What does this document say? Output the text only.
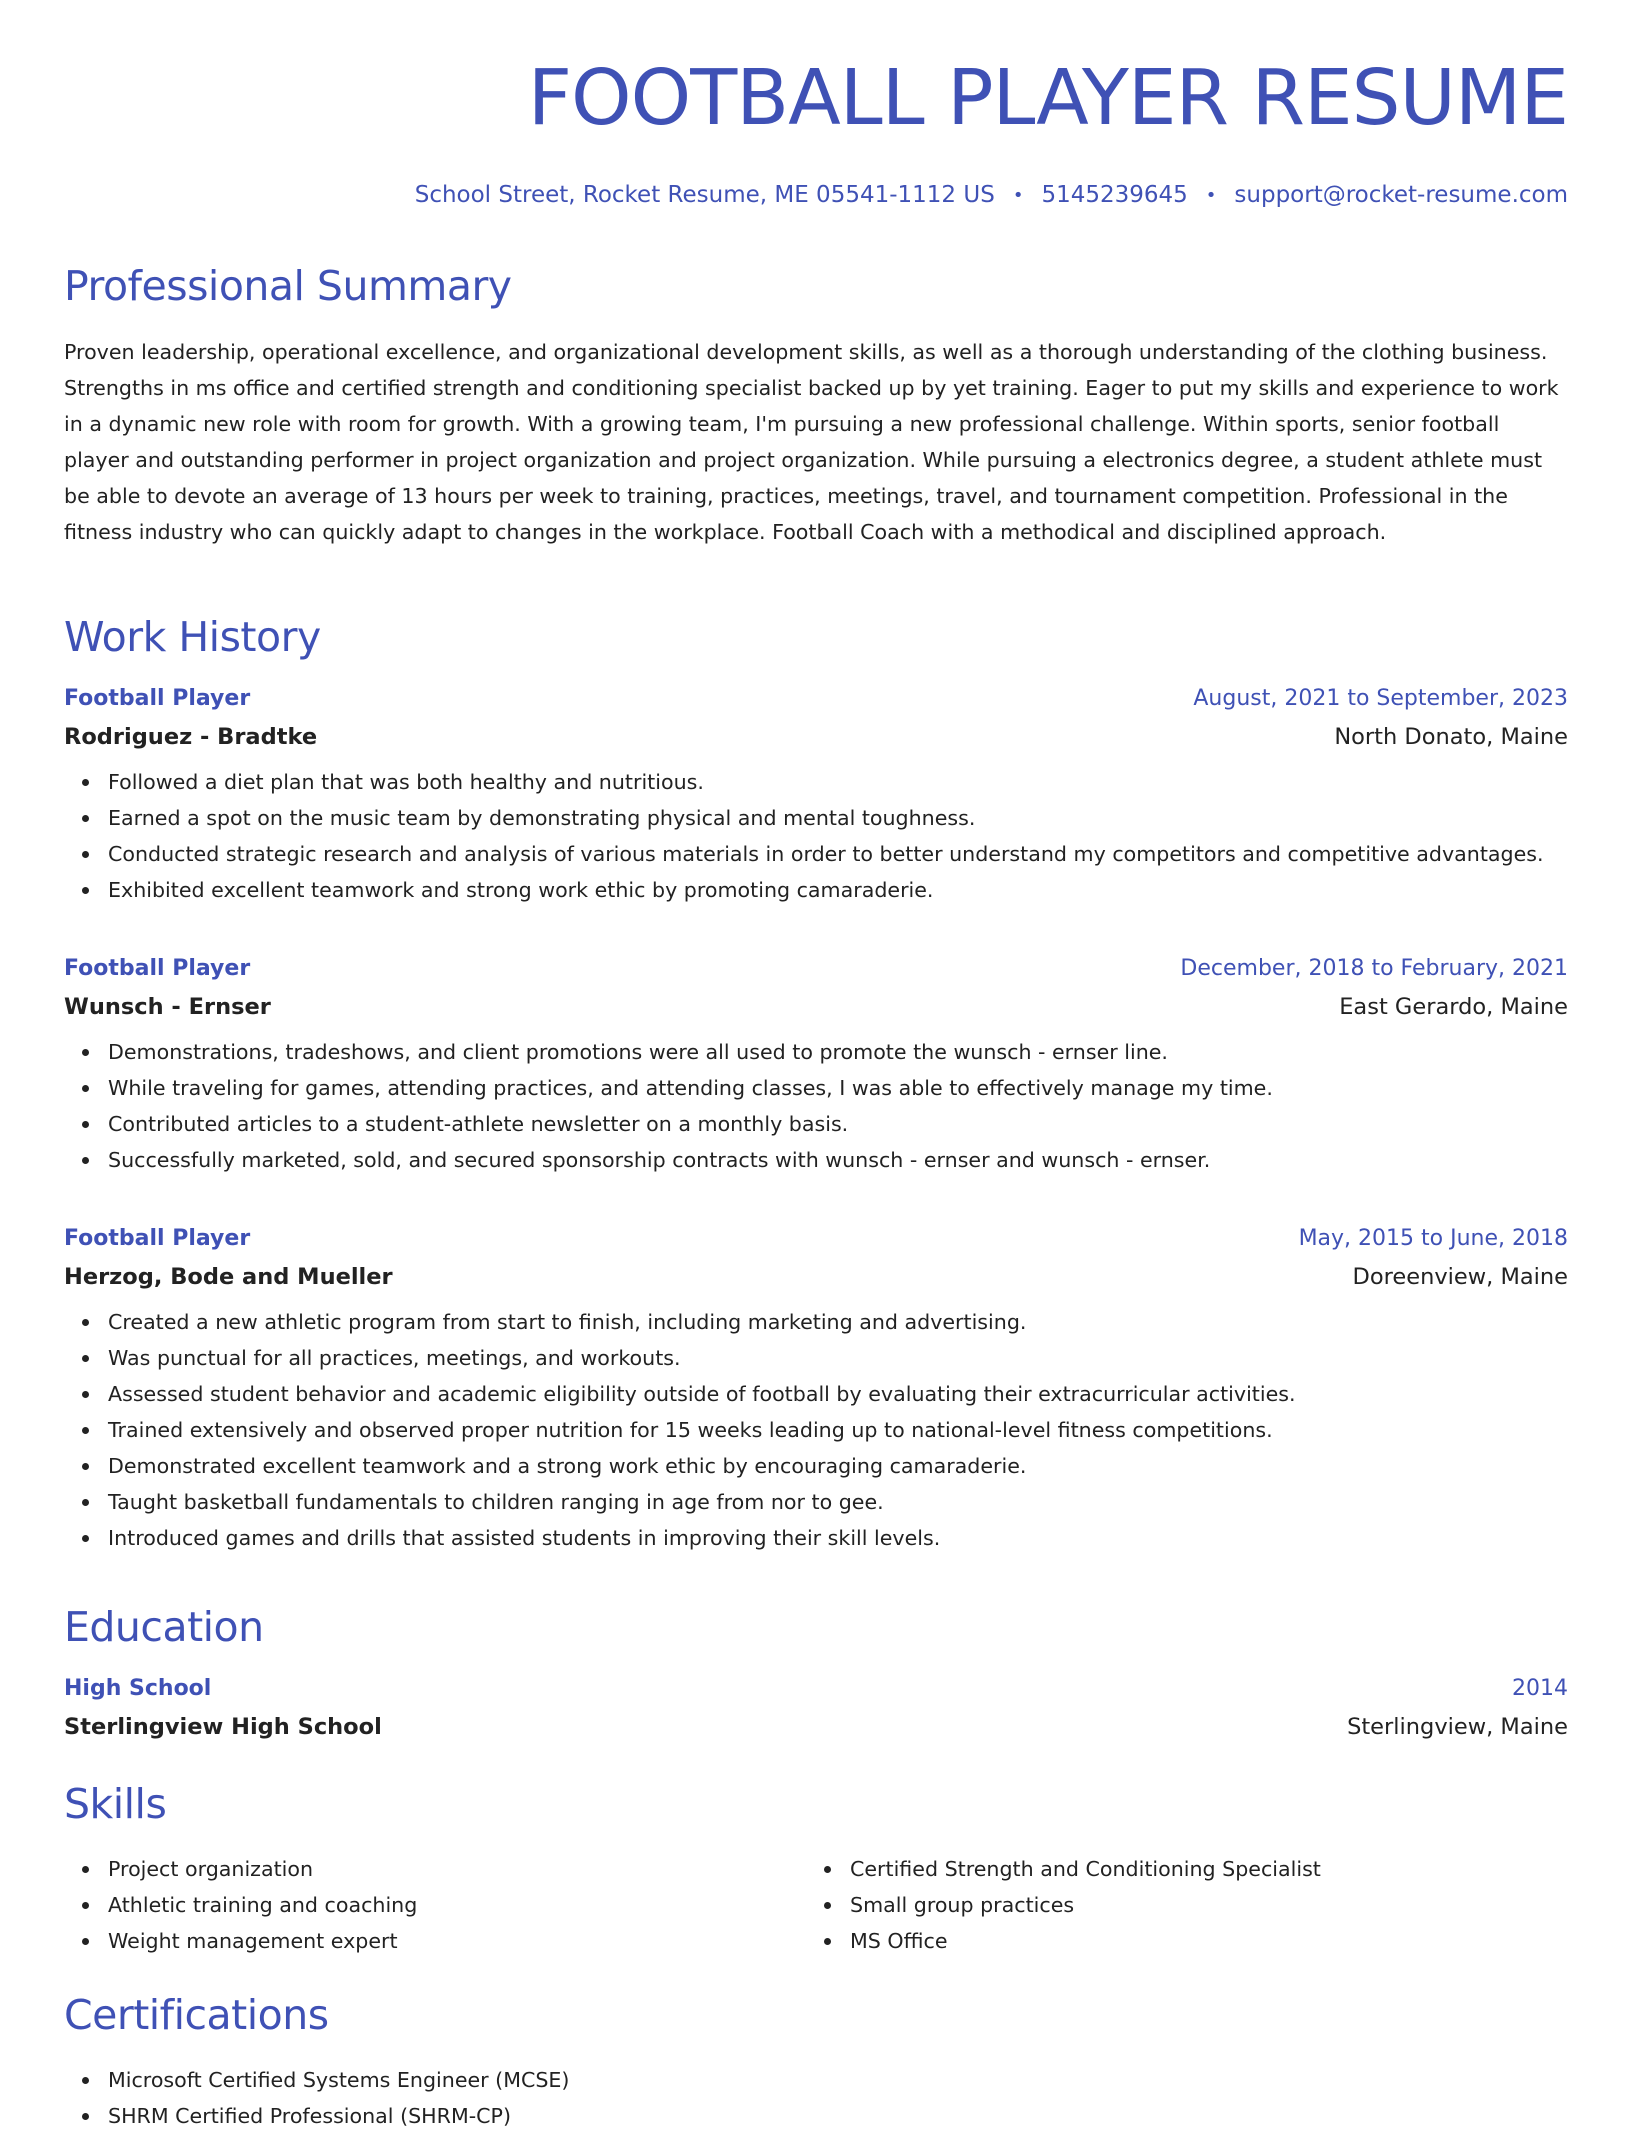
FOOTBALL PLAYER RESUME
School Street, Rocket Resume, ME 05541-1112 US • 5145239645 • support@rocket-resume.com
Professional Summary

Proven leadership, operational excellence, and organizational development skills, as well as a thorough understanding of the clothing business. Strengths in ms office and certified strength and conditioning specialist backed up by yet training. Eager to put my skills and experience to work in a dynamic new role with room for growth. With a growing team, I'm pursuing a new professional challenge. Within sports, senior football player and outstanding performer in project organization and project organization. While pursuing a electronics degree, a student athlete must be able to devote an average of 13 hours per week to training, practices, meetings, travel, and tournament competition. Professional in the fitness industry who can quickly adapt to changes in the workplace. Football Coach with a methodical and disciplined approach.

Work History
Football Player	August, 2021 to September, 2023
Rodriguez - Bradtke	North Donato, Maine
Followed a diet plan that was both healthy and nutritious.
Earned a spot on the music team by demonstrating physical and mental toughness.
Conducted strategic research and analysis of various materials in order to better understand my competitors and competitive advantages.
Exhibited excellent teamwork and strong work ethic by promoting camaraderie.
Football Player	December, 2018 to February, 2021
Wunsch - Ernser	East Gerardo, Maine
Demonstrations, tradeshows, and client promotions were all used to promote the wunsch - ernser line.
While traveling for games, attending practices, and attending classes, I was able to effectively manage my time.
Contributed articles to a student-athlete newsletter on a monthly basis.
Successfully marketed, sold, and secured sponsorship contracts with wunsch - ernser and wunsch - ernser.
Football Player	May, 2015 to June, 2018
Herzog, Bode and Mueller	Doreenview, Maine
Created a new athletic program from start to finish, including marketing and advertising.
Was punctual for all practices, meetings, and workouts.
Assessed student behavior and academic eligibility outside of football by evaluating their extracurricular activities.
Trained extensively and observed proper nutrition for 15 weeks leading up to national-level fitness competitions.
Demonstrated excellent teamwork and a strong work ethic by encouraging camaraderie.
Taught basketball fundamentals to children ranging in age from nor to gee.
Introduced games and drills that assisted students in improving their skill levels.
Education
High School	2014
Sterlingview High School	Sterlingview, Maine
Skills
Project organization
Athletic training and coaching
Weight management expert
Certified Strength and Conditioning Specialist
Small group practices
MS Office
Certifications
Microsoft Certified Systems Engineer (MCSE)
SHRM Certified Professional (SHRM-CP)
